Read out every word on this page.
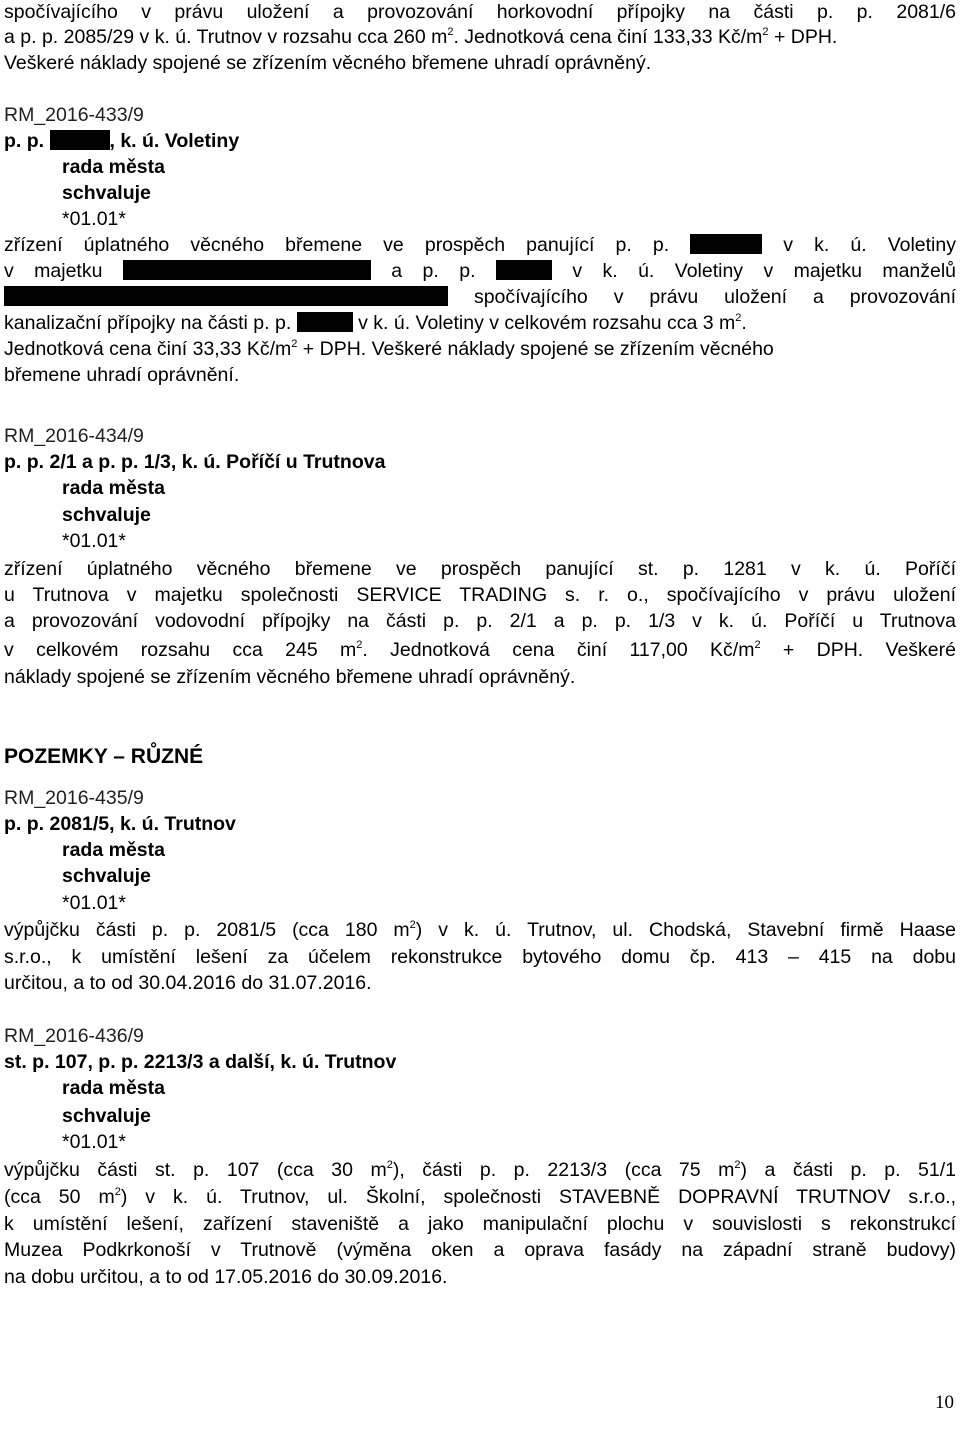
spočívajícího v právu uložení a provozování horkovodní přípojky na části p. p. 2081/6
a p. p. 2085/29 v k. ú. Trutnov v rozsahu cca 260 $m^2$. Jednotková cena činí 133,33 $Kč/m^2$ + DPH.
Veškeré náklady spojené se zřízením věcného břemene uhradí oprávněný.
RM_2016-433/9
p. p.	, k. ú. Voletiny
rada města
schvaluje
*01.01*
zřízení úplatného věcného břemene ve prospěch panující p. p.	v k. ú. Voletiny
v majetku	a p. p.	v k. ú. Voletiny v majetku manželů
spočívajícího v právu uložení a provozování
kanalizační přípojky na části p. p.	v k. ú. Voletiny v celkovém rozsahu cca 3 $m^2$.
Jednotková cena činí 33,33 $Kč/m^2$ + DPH. Veškeré náklady spojené se zřízením věcného
břemene uhradí oprávnění.
RM_2016-434/9
p. p. 2/1 a p. p. 1/3, k. ú. Poříčí u Trutnova
rada města
schvaluje
*01.01*
zřízení úplatného věcného břemene ve prospěch panující st. p. 1281 v k. ú. Poříčí
u Trutnova v majetku společnosti SERVICE TRADING s. r. o., spočívajícího v právu uložení
a provozování vodovodní přípojky na části p. p. 2/1 a p. p. 1/3 v k. ú. Poříčí u Trutnova
v celkovém rozsahu cca 245 $m^2$. Jednotková cena činí 117,00 $Kč/m^2$ + DPH. Veškeré
náklady spojené se zřízením věcného břemene uhradí oprávněný.
POZEMKY – RŮZNÉ
RM_2016-435/9
p. p. 2081/5, k. ú. Trutnov
rada města
schvaluje
*01.01*
výpůjčku části p. p. 2081/5 (cca 180 $m^2$) v k. ú. Trutnov, ul. Chodská, Stavební firmě Haase
s.r.o., k umístění lešení za účelem rekonstrukce bytového domu čp. 413 – 415 na dobu
určitou, a to od 30.04.2016 do 31.07.2016.
RM_2016-436/9
st. p. 107, p. p. 2213/3 a další, k. ú. Trutnov
rada města
schvaluje
*01.01*
výpůjčku části st. p. 107 (cca 30 $m^2$), části p. p. 2213/3 (cca 75 $m^2$) a části p. p. 51/1
(cca 50 $m^2$) v k. ú. Trutnov, ul. Školní, společnosti STAVEBNĚ DOPRAVNÍ TRUTNOV s.r.o.,
k umístění lešení, zařízení staveniště a jako manipulační plochu v souvislosti s rekonstrukcí
Muzea Podkrkonoší v Trutnově (výměna oken a oprava fasády na západní straně budovy)
na dobu určitou, a to od 17.05.2016 do 30.09.2016.
10
